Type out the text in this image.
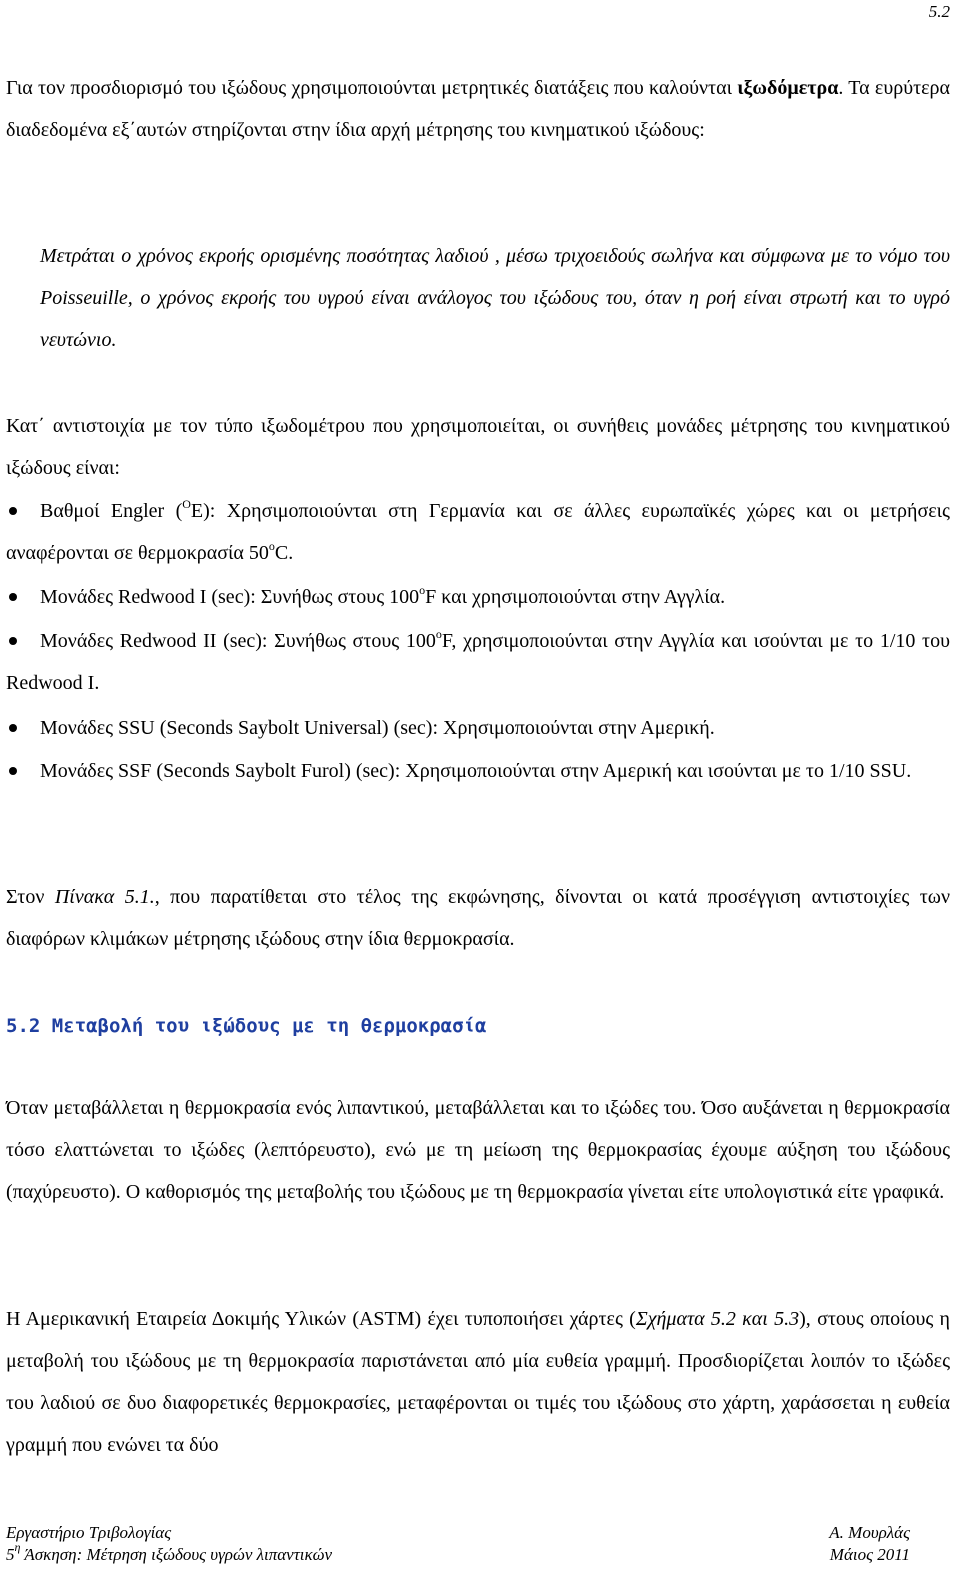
5.2

Για τον προσδιορισμό του ιξώδους χρησιμοποιούνται μετρητικές διατάξεις που καλούνται ιξωδόμετρα. Τα ευρύτερα διαδεδομένα εξ΄αυτών στηρίζονται στην ίδια αρχή μέτρησης του κινηματικού ιξώδους:

Μετράται ο χρόνος εκροής ορισμένης ποσότητας λαδιού , μέσω τριχοειδούς σωλήνα και σύμφωνα με το νόμο του Poisseuille, ο χρόνος εκροής του υγρού είναι ανάλογος του ιξώδους του, όταν η ροή είναι στρωτή και το υγρό νευτώνιο.

Κατ΄ αντιστοιχία με τον τύπο ιξωδομέτρου που χρησιμοποιείται, οι συνήθεις μονάδες μέτρησης του κινηματικού ιξώδους είναι:

Βαθμοί Engler ($^O$E): Χρησιμοποιούνται στη Γερμανία και σε άλλες ευρωπαϊκές χώρες και οι μετρήσεις αναφέρονται σε θερμοκρασία 50$^o$C.

Μονάδες Redwood I (sec): Συνήθως στους 100$^o$F και χρησιμοποιούνται στην Αγγλία.

Μονάδες Redwood II (sec): Συνήθως στους 100$^o$F, χρησιμοποιούνται στην Αγγλία και ισούνται με το 1/10 του Redwood I.

Μονάδες SSU (Seconds Saybolt Universal) (sec): Χρησιμοποιούνται στην Αμερική.

Μονάδες SSF (Seconds Saybolt Furol) (sec): Χρησιμοποιούνται στην Αμερική και ισούνται με το 1/10 SSU.

Στον Πίνακα 5.1., που παρατίθεται στο τέλος της εκφώνησης, δίνονται οι κατά προσέγγιση αντιστοιχίες των διαφόρων κλιμάκων μέτρησης ιξώδους στην ίδια θερμοκρασία.

5.2 Μεταβολή του ιξώδους με τη θερμοκρασία

Όταν μεταβάλλεται η θερμοκρασία ενός λιπαντικού, μεταβάλλεται και το ιξώδες του. Όσο αυξάνεται η θερμοκρασία τόσο ελαττώνεται το ιξώδες (λεπτόρευστο), ενώ με τη μείωση της θερμοκρασίας έχουμε αύξηση του ιξώδους (παχύρευστο). Ο καθορισμός της μεταβολής του ιξώδους με τη θερμοκρασία γίνεται είτε υπολογιστικά είτε γραφικά.

Η Αμερικανική Εταιρεία Δοκιμής Υλικών (ASTM) έχει τυποποιήσει χάρτες (Σχήματα 5.2 και 5.3), στους οποίους η μεταβολή του ιξώδους με τη θερμοκρασία παριστάνεται από μία ευθεία γραμμή. Προσδιορίζεται λοιπόν το ιξώδες του λαδιού σε δυο διαφορετικές θερμοκρασίες, μεταφέρονται οι τιμές του ιξώδους στο χάρτη, χαράσσεται η ευθεία γραμμή που ενώνει τα δύο

Εργαστήριο Τριβολογίας
$5^\eta$ Άσκηση: Μέτρηση ιξώδους υγρών λιπαντικών
Α. Μουρλάς
Μάιος 2011
